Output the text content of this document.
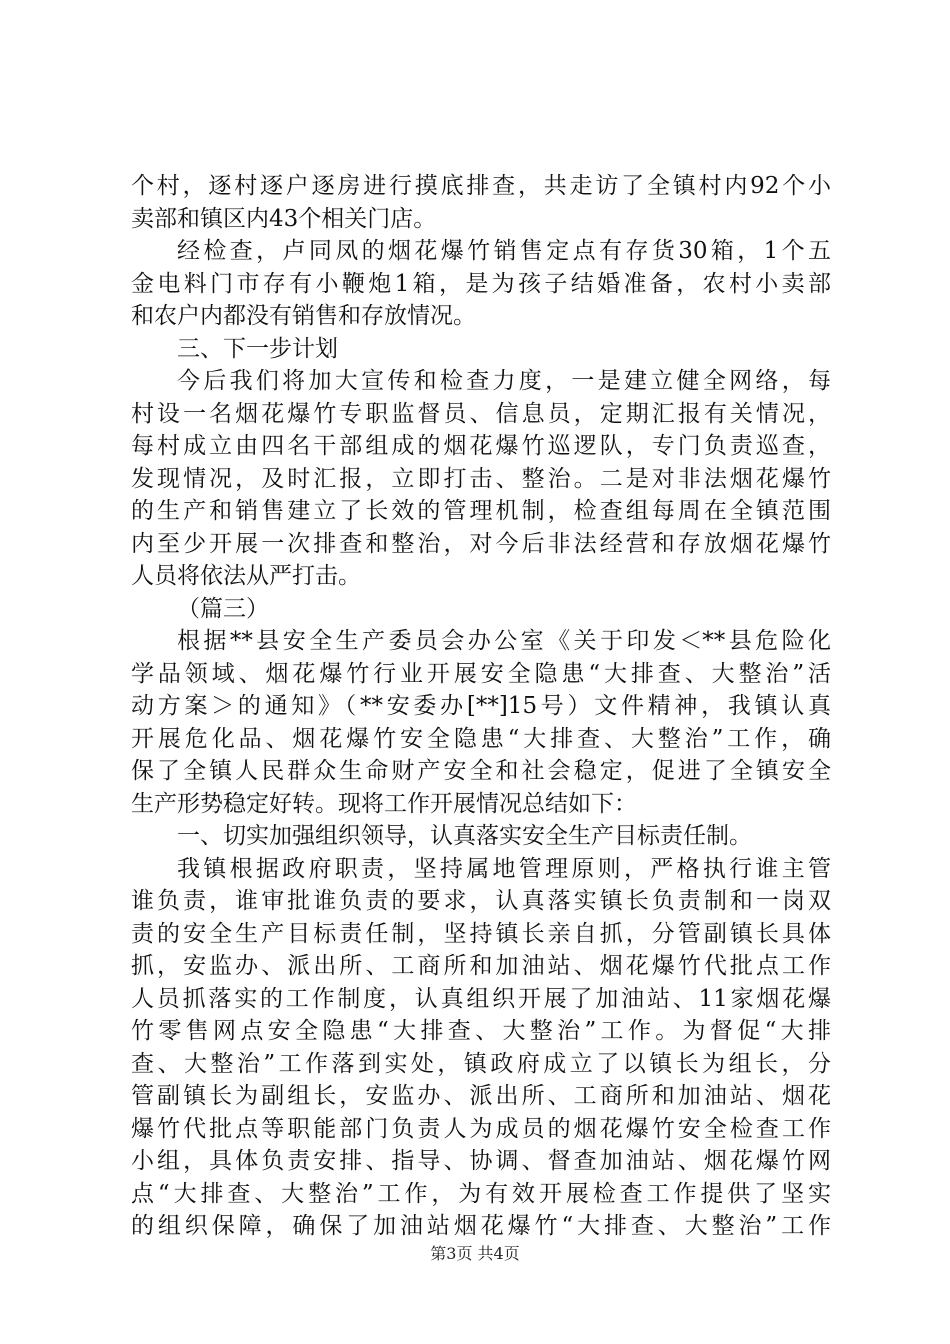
个村，逐村逐户逐房进行摸底排查，共走访了全镇村内92个小
卖部和镇区内43个相关门店。
经检查，卢同凤的烟花爆竹销售定点有存货30箱，1个五
金电料门市存有小鞭炮1箱，是为孩子结婚准备，农村小卖部
和农户内都没有销售和存放情况。
三、下一步计划
今后我们将加大宣传和检查力度，一是建立健全网络，每
村设一名烟花爆竹专职监督员、信息员，定期汇报有关情况，
每村成立由四名干部组成的烟花爆竹巡逻队，专门负责巡查，
发现情况，及时汇报，立即打击、整治。二是对非法烟花爆竹
的生产和销售建立了长效的管理机制，检查组每周在全镇范围
内至少开展一次排查和整治，对今后非法经营和存放烟花爆竹
人员将依法从严打击。
（篇三）
根据**县安全生产委员会办公室《关于印发＜**县危险化
学品领域、烟花爆竹行业开展安全隐患“大排查、大整治”活
动方案＞的通知》（**安委办[**]15号）文件精神，我镇认真
开展危化品、烟花爆竹安全隐患“大排查、大整治”工作，确
保了全镇人民群众生命财产安全和社会稳定，促进了全镇安全
生产形势稳定好转。现将工作开展情况总结如下：
一、切实加强组织领导，认真落实安全生产目标责任制。
我镇根据政府职责，坚持属地管理原则，严格执行谁主管
谁负责，谁审批谁负责的要求，认真落实镇长负责制和一岗双
责的安全生产目标责任制，坚持镇长亲自抓，分管副镇长具体
抓，安监办、派出所、工商所和加油站、烟花爆竹代批点工作
人员抓落实的工作制度，认真组织开展了加油站、11家烟花爆
竹零售网点安全隐患“大排查、大整治”工作。为督促“大排
查、大整治”工作落到实处，镇政府成立了以镇长为组长，分
管副镇长为副组长，安监办、派出所、工商所和加油站、烟花
爆竹代批点等职能部门负责人为成员的烟花爆竹安全检查工作
小组，具体负责安排、指导、协调、督查加油站、烟花爆竹网
点“大排查、大整治”工作，为有效开展检查工作提供了坚实
的组织保障，确保了加油站烟花爆竹“大排查、大整治”工作
第3页 共4页
